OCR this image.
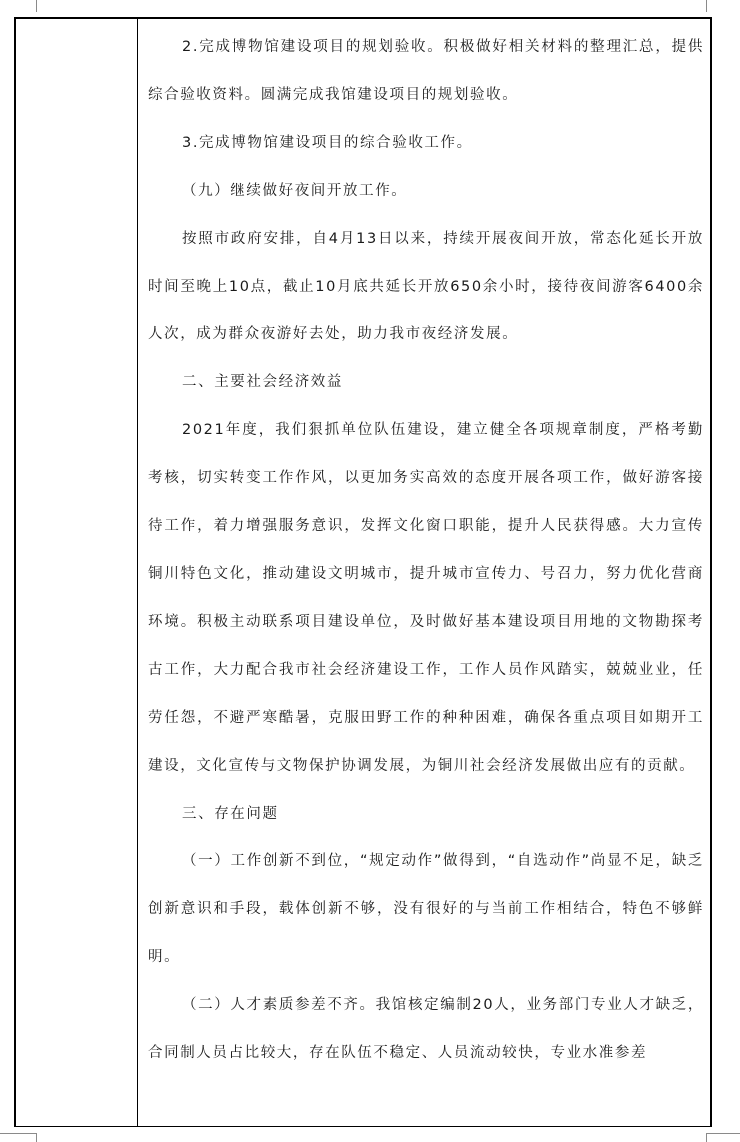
2.完成博物馆建设项目的规划验收。积极做好相关材料的整理汇总，提供综合验收资料。圆满完成我馆建设项目的规划验收。

3.完成博物馆建设项目的综合验收工作。

（九）继续做好夜间开放工作。

按照市政府安排，自4月13日以来，持续开展夜间开放，常态化延长开放时间至晚上10点，截止10月底共延长开放650余小时，接待夜间游客6400余人次，成为群众夜游好去处，助力我市夜经济发展。

二、主要社会经济效益

2021年度，我们狠抓单位队伍建设，建立健全各项规章制度，严格考勤考核，切实转变工作作风，以更加务实高效的态度开展各项工作，做好游客接待工作，着力增强服务意识，发挥文化窗口职能，提升人民获得感。大力宣传铜川特色文化，推动建设文明城市，提升城市宣传力、号召力，努力优化营商环境。积极主动联系项目建设单位，及时做好基本建设项目用地的文物勘探考古工作，大力配合我市社会经济建设工作，工作人员作风踏实，兢兢业业，任劳任怨，不避严寒酷暑，克服田野工作的种种困难，确保各重点项目如期开工建设，文化宣传与文物保护协调发展，为铜川社会经济发展做出应有的贡献。

三、存在问题

（一）工作创新不到位，“规定动作”做得到，“自选动作”尚显不足，缺乏创新意识和手段，载体创新不够，没有很好的与当前工作相结合，特色不够鲜明。

（二）人才素质参差不齐。我馆核定编制20人，业务部门专业人才缺乏，合同制人员占比较大，存在队伍不稳定、人员流动较快，专业水准参差
